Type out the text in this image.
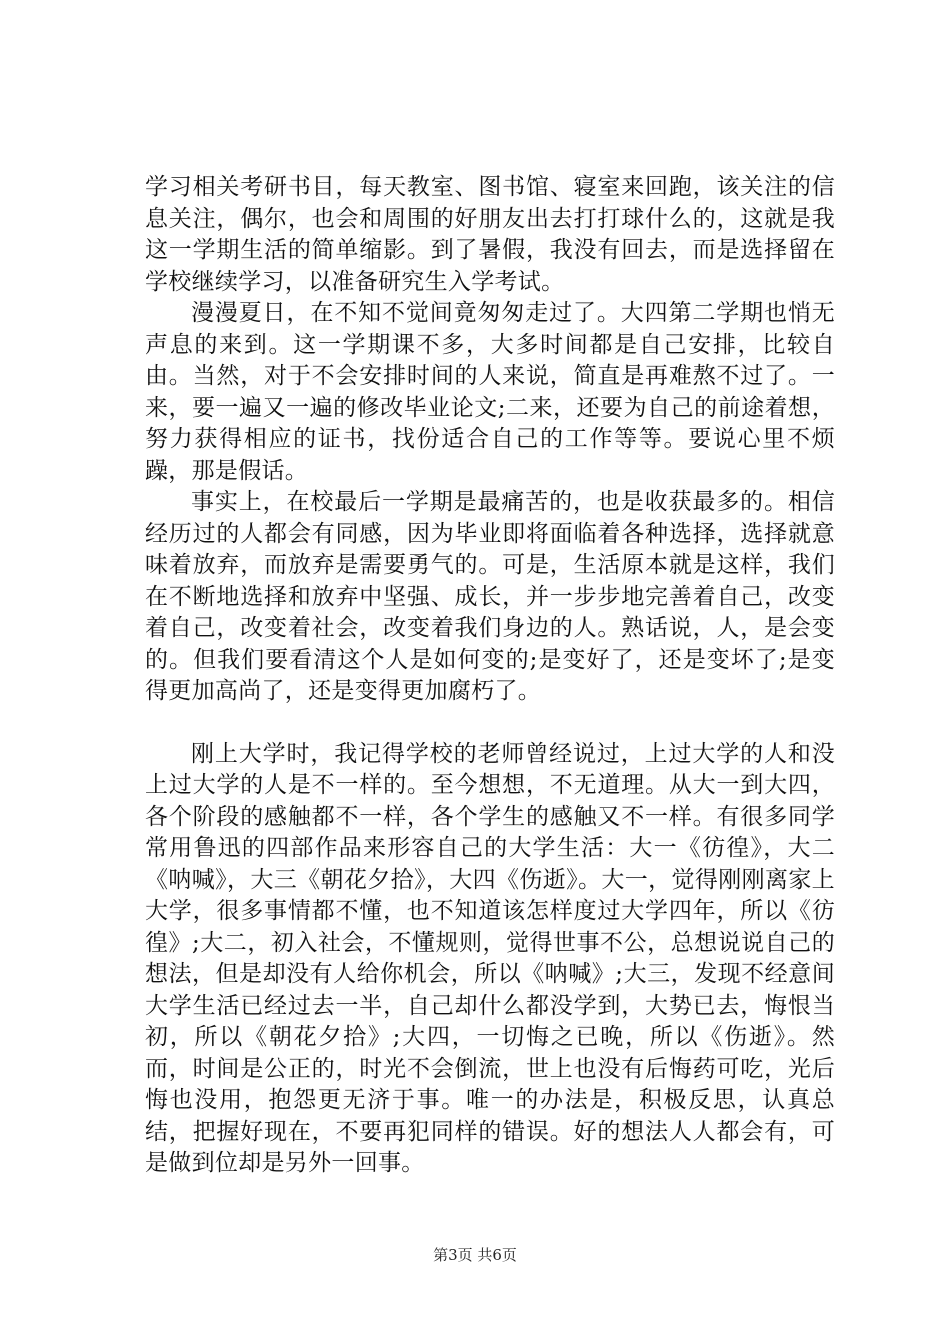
学习相关考研书目，每天教室、图书馆、寝室来回跑，该关注的信息关注，偶尔，也会和周围的好朋友出去打打球什么的，这就是我这一学期生活的简单缩影。到了暑假，我没有回去，而是选择留在学校继续学习，以准备研究生入学考试。

漫漫夏日，在不知不觉间竟匆匆走过了。大四第二学期也悄无声息的来到。这一学期课不多，大多时间都是自己安排，比较自由。当然，对于不会安排时间的人来说，简直是再难熬不过了。一来，要一遍又一遍的修改毕业论文;二来，还要为自己的前途着想，努力获得相应的证书，找份适合自己的工作等等。要说心里不烦躁，那是假话。

事实上，在校最后一学期是最痛苦的，也是收获最多的。相信经历过的人都会有同感，因为毕业即将面临着各种选择，选择就意味着放弃，而放弃是需要勇气的。可是，生活原本就是这样，我们在不断地选择和放弃中坚强、成长，并一步步地完善着自己，改变着自己，改变着社会，改变着我们身边的人。熟话说，人，是会变的。但我们要看清这个人是如何变的;是变好了，还是变坏了;是变得更加高尚了，还是变得更加腐朽了。

刚上大学时，我记得学校的老师曾经说过，上过大学的人和没上过大学的人是不一样的。至今想想，不无道理。从大一到大四，各个阶段的感触都不一样，各个学生的感触又不一样。有很多同学常用鲁迅的四部作品来形容自己的大学生活：大一《彷徨》，大二《呐喊》，大三《朝花夕拾》，大四《伤逝》。大一，觉得刚刚离家上大学，很多事情都不懂，也不知道该怎样度过大学四年，所以《彷徨》;大二，初入社会，不懂规则，觉得世事不公，总想说说自己的想法，但是却没有人给你机会，所以《呐喊》;大三，发现不经意间大学生活已经过去一半，自己却什么都没学到，大势已去，悔恨当初，所以《朝花夕拾》;大四，一切悔之已晚，所以《伤逝》。然而，时间是公正的，时光不会倒流，世上也没有后悔药可吃，光后悔也没用，抱怨更无济于事。唯一的办法是，积极反思，认真总结，把握好现在，不要再犯同样的错误。好的想法人人都会有，可是做到位却是另外一回事。

第3页 共6页
